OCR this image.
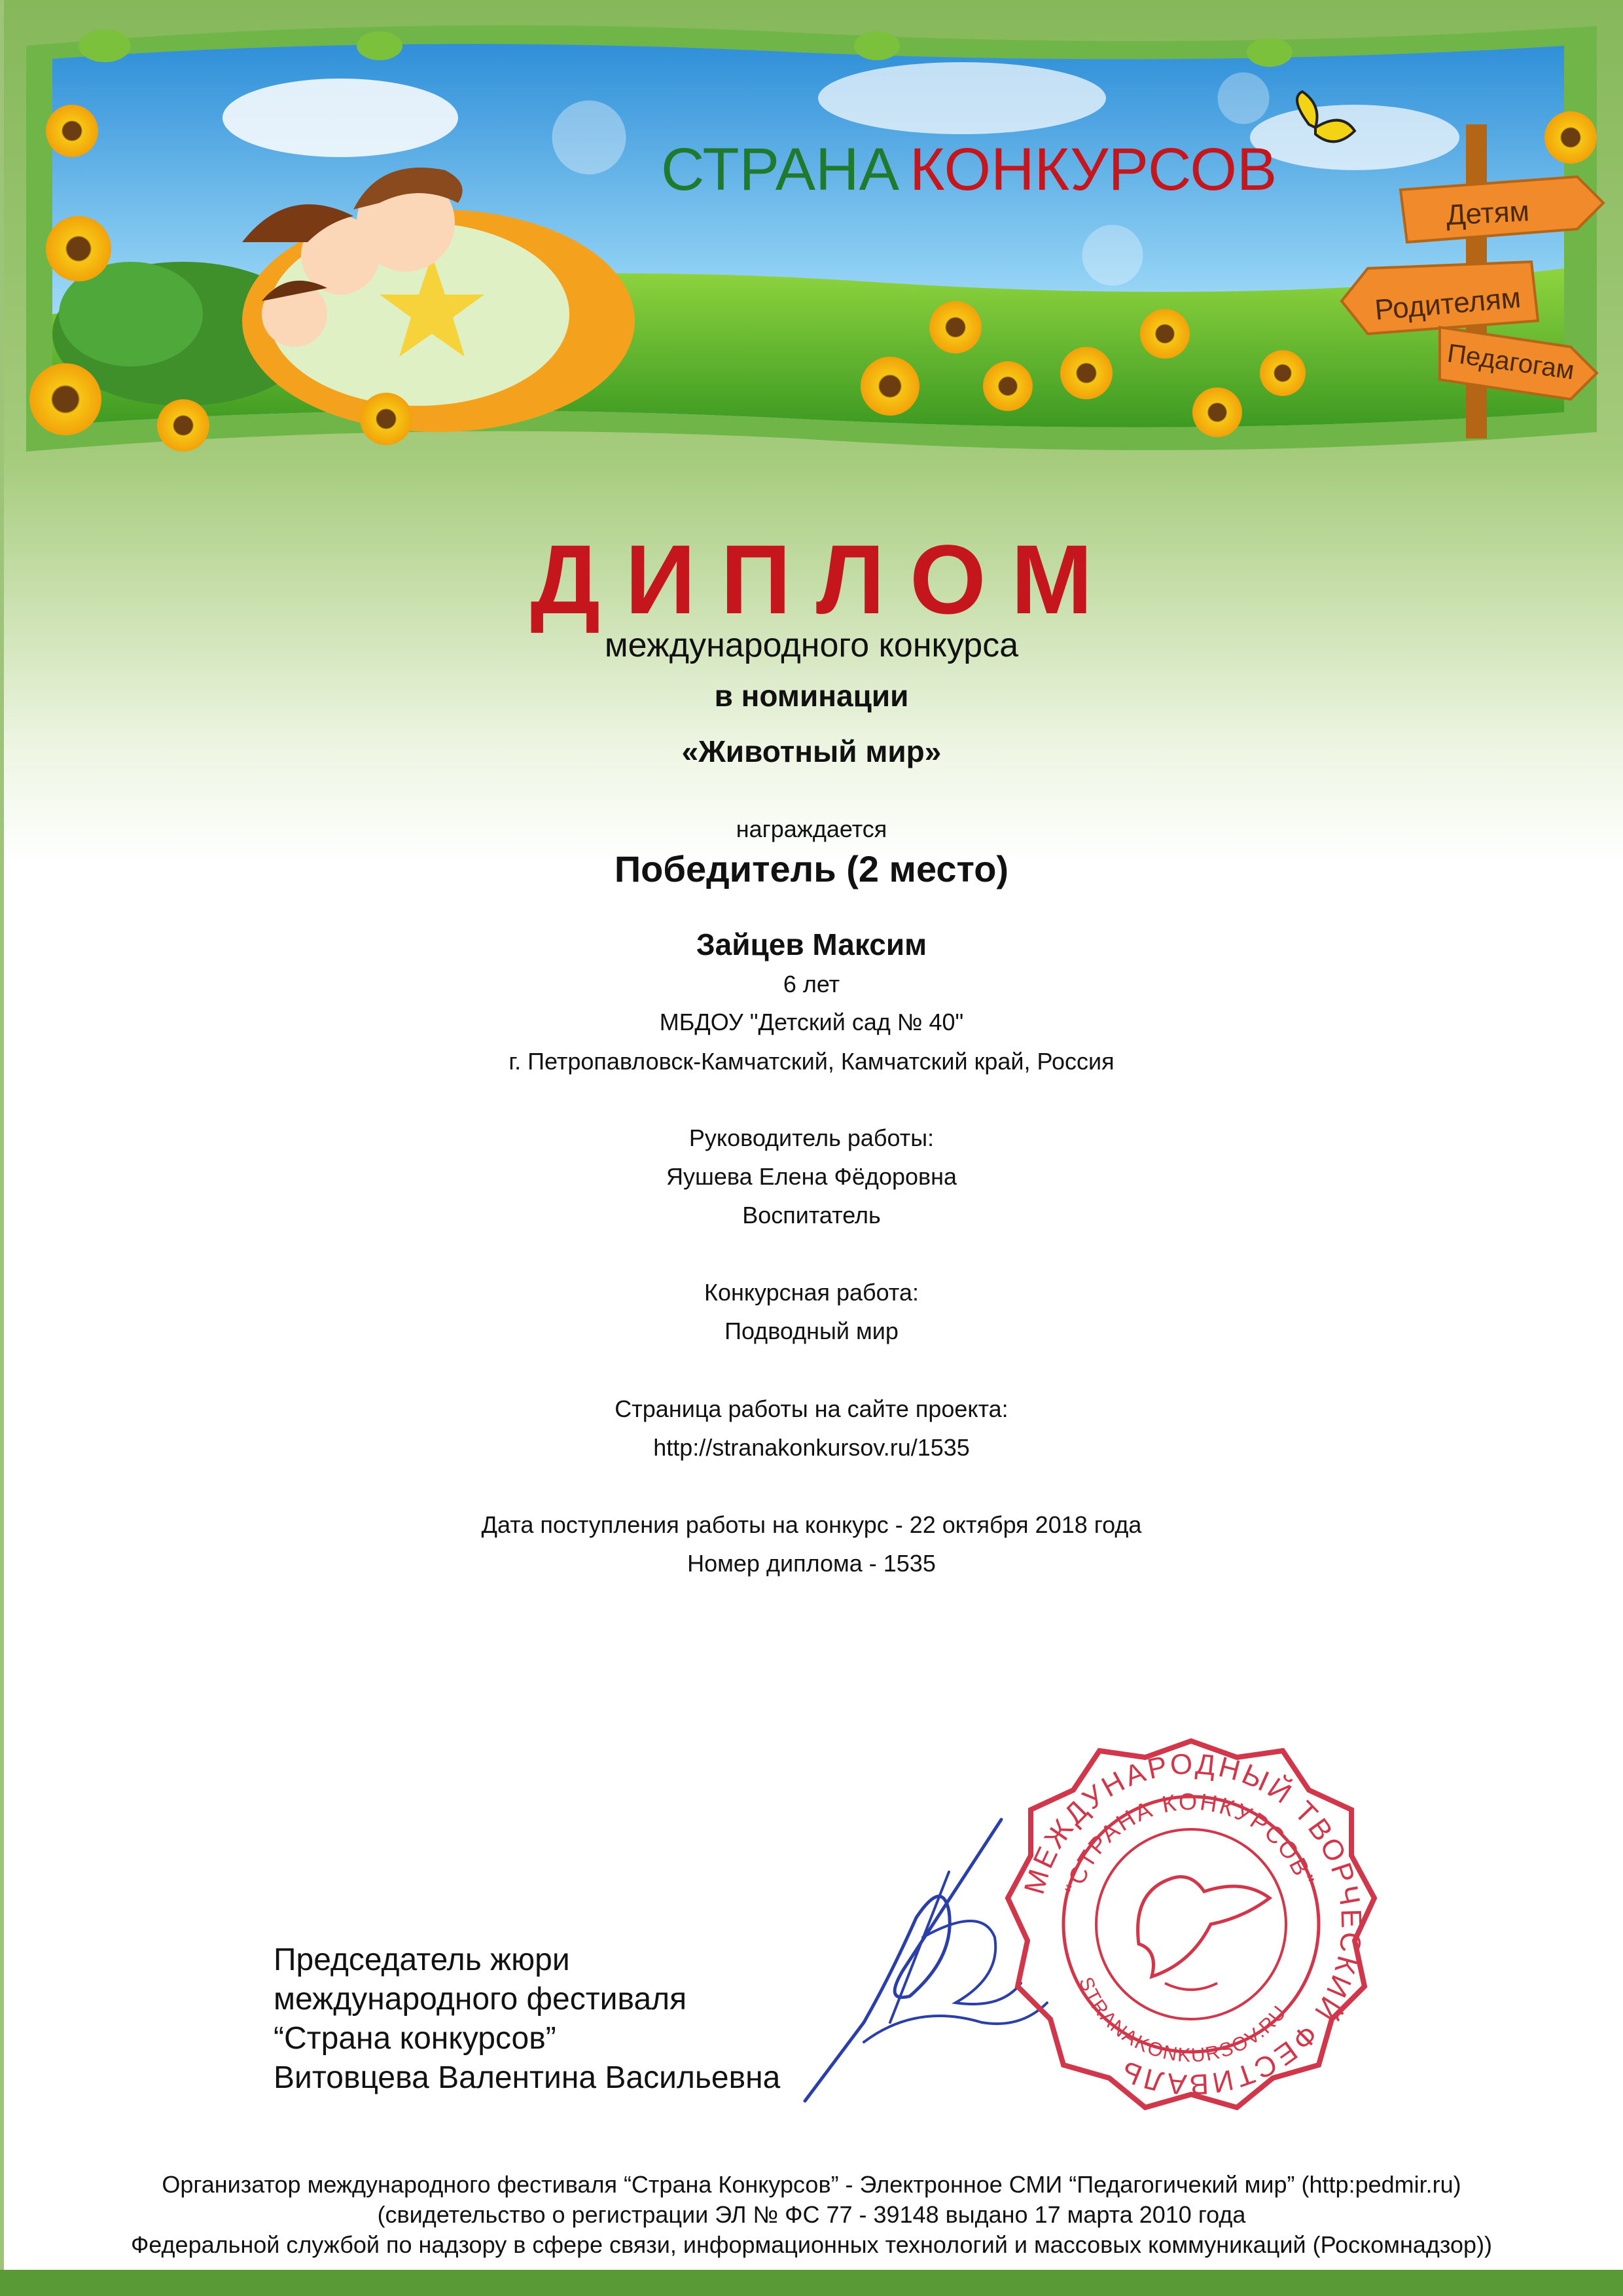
СТРАНА КОНКУРСОВ
Детям
Родителям
Педагогам
ДИПЛОМ
международного конкурса
в номинации
«Животный мир»
награждается
Победитель (2 место)
Зайцев Максим
6 лет
МБДОУ "Детский сад № 40"
г. Петропавловск-Камчатский, Камчатский край, Россия
Руководитель работы:
Яушева Елена Фёдоровна
Воспитатель
Конкурсная работа:
Подводный мир
Страница работы на сайте проекта:
http://stranakonkursov.ru/1535
Дата поступления работы на конкурс - 22 октября 2018 года
Номер диплома - 1535
Председатель жюри
международного фестиваля
“Страна конкурсов”
Витовцева Валентина Васильевна
МЕЖДУНАРОДНЫЙ ТВОРЧЕСКИЙ ФЕСТИВАЛЬ
“СТРАНА КОНКУРСОВ”
STRANAKONKURSOV.RU
Организатор международного фестиваля “Страна Конкурсов” - Электронное СМИ “Педагогичекий мир” (http:pedmir.ru)
(свидетельство о регистрации ЭЛ № ФС 77 - 39148 выдано 17 марта 2010 года
Федеральной службой по надзору в сфере связи, информационных технологий и массовых коммуникаций (Роскомнадзор))
